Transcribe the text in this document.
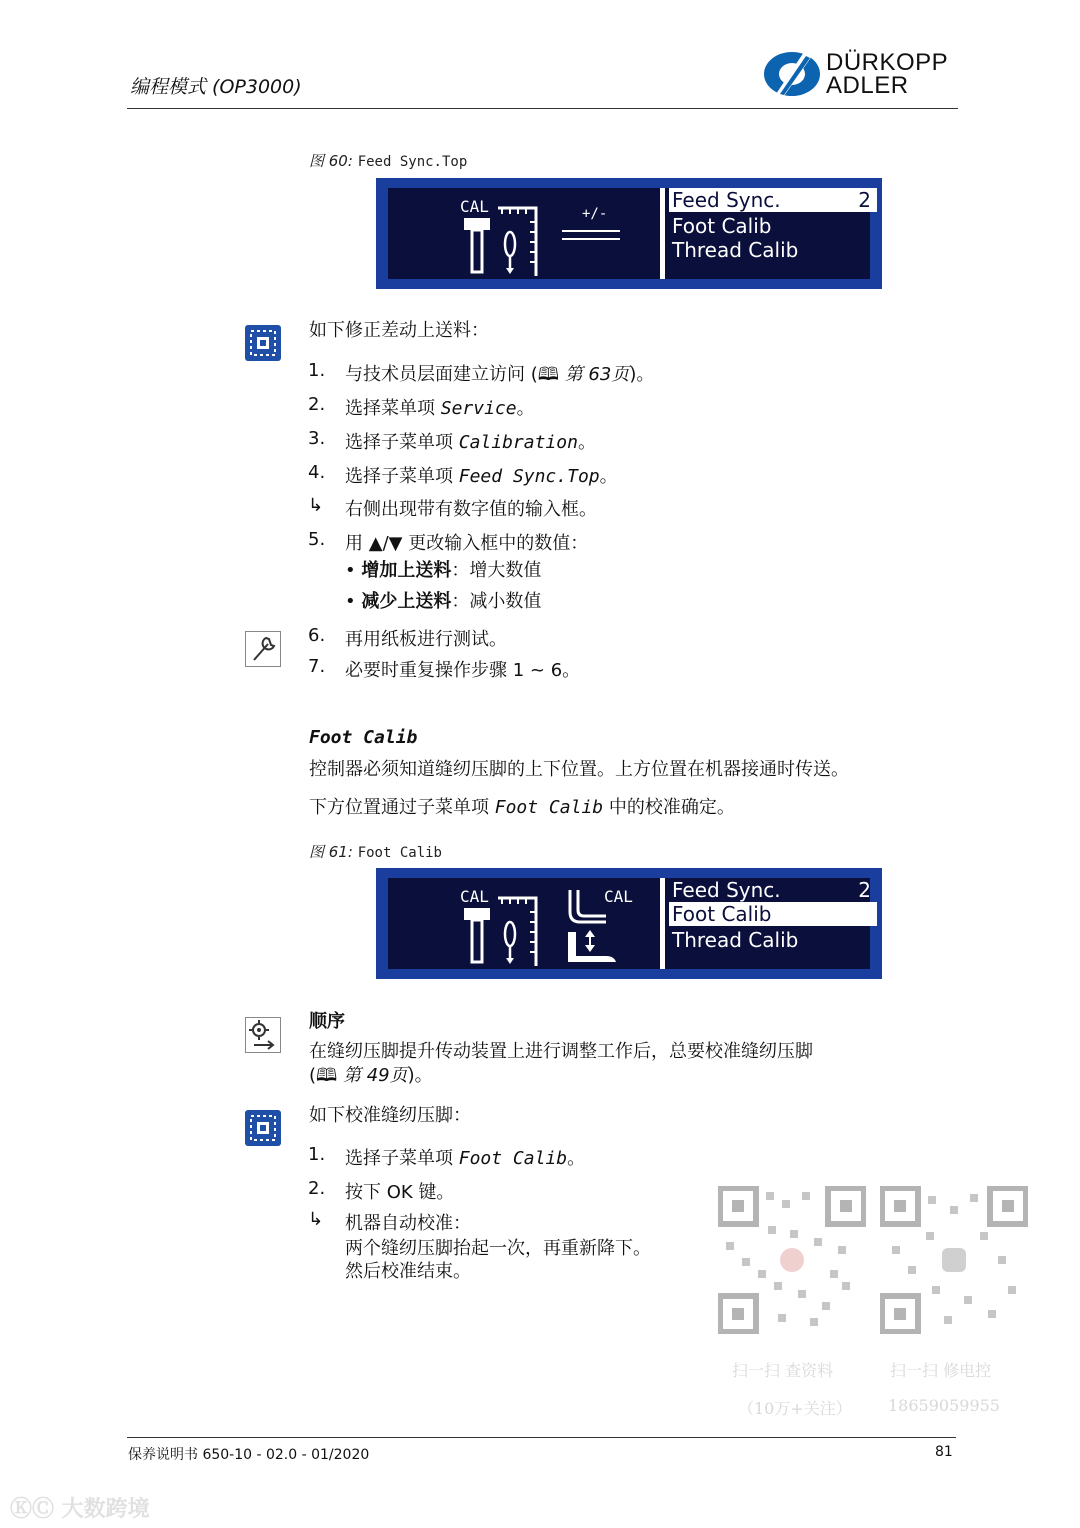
编程模式 (OP3000)
DÜRKOPP
ADLER
图 60: Feed Sync.Top
CAL	+/-
Feed Sync.	2
Foot Calib
Thread Calib
如下修正差动上送料：
1. 与技术员层面建立访问 (🕮 第 63页)。
2. 选择菜单项 Service。
3. 选择子菜单项 Calibration。
4. 选择子菜单项 Feed Sync.Top。
↳ 右侧出现带有数字值的输入框。
5. 用 ▲/▼ 更改输入框中的数值：
• 增加上送料：增大数值
• 减少上送料：减小数值
6. 再用纸板进行测试。
7. 必要时重复操作步骤 1 ~ 6。
Foot Calib
控制器必须知道缝纫压脚的上下位置。上方位置在机器接通时传送。
下方位置通过子菜单项 Foot Calib 中的校准确定。
图 61: Foot Calib
CAL	CAL Feed Sync.	2
Foot Calib
Thread Calib
顺序
在缝纫压脚提升传动装置上进行调整工作后，总要校准缝纫压脚
(🕮 第 49页)。
如下校准缝纫压脚：
1. 选择子菜单项 Foot Calib。
2. 按下 OK 键。
↳ 机器自动校准：
两个缝纫压脚抬起一次，再重新降下。
然后校准结束。
扫一扫 查资料
（10万+关注）
扫一扫 修电控
18659059955
保养说明书 650-10 - 02.0 - 01/2020	81
ⓀⒸ 大数跨境
